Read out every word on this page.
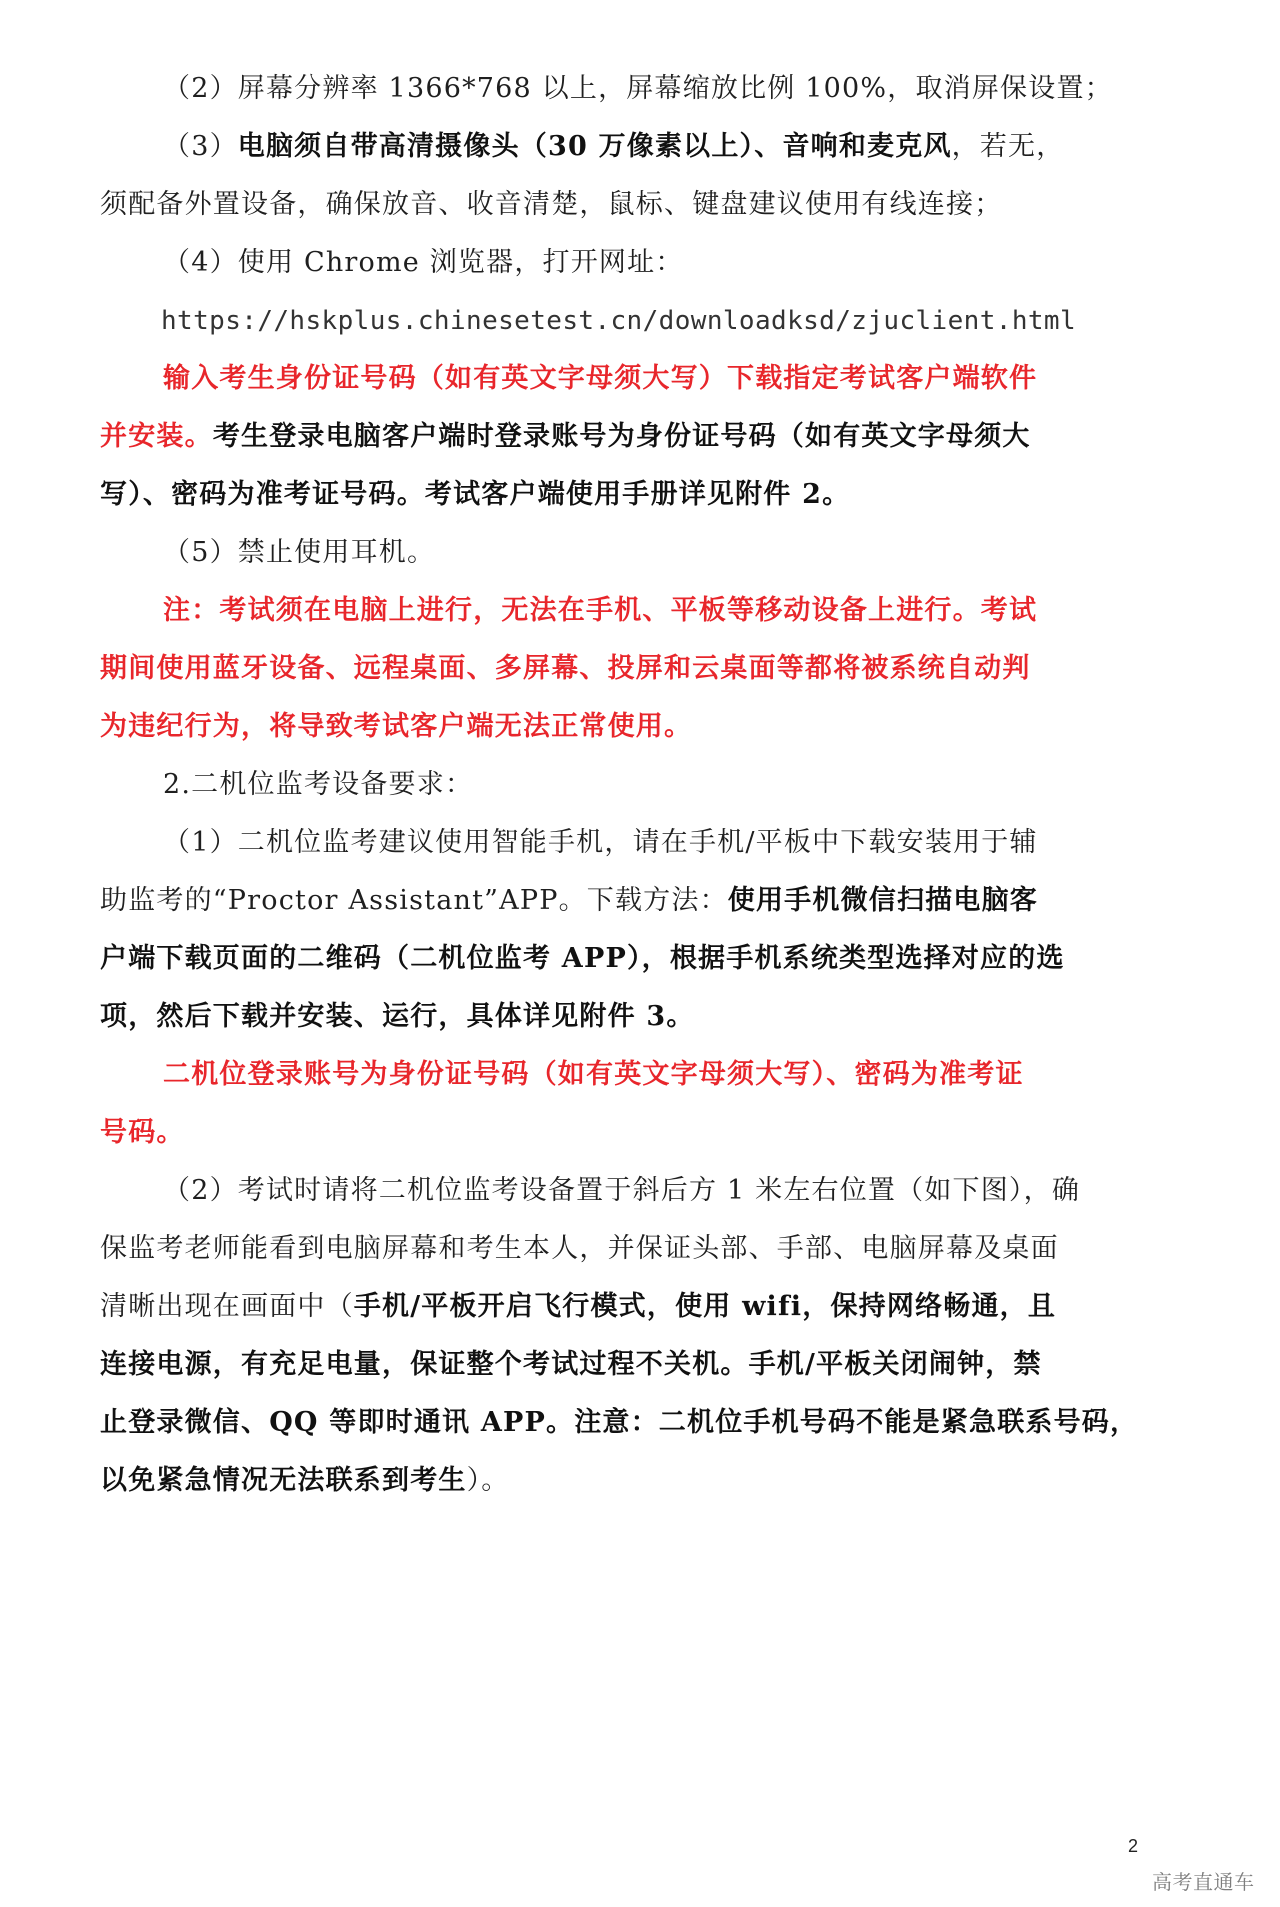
（2）屏幕分辨率 1366*768 以上，屏幕缩放比例 100%，取消屏保设置；
（3）电脑须自带高清摄像头（30 万像素以上）、音响和麦克风，若无，
须配备外置设备，确保放音、收音清楚，鼠标、键盘建议使用有线连接；
（4）使用 Chrome 浏览器，打开网址：
https://hskplus.chinesetest.cn/downloadksd/zjuclient.html
输入考生身份证号码（如有英文字母须大写）下载指定考试客户端软件
并安装。考生登录电脑客户端时登录账号为身份证号码（如有英文字母须大
写）、密码为准考证号码。考试客户端使用手册详见附件 2。
（5）禁止使用耳机。
注：考试须在电脑上进行，无法在手机、平板等移动设备上进行。考试
期间使用蓝牙设备、远程桌面、多屏幕、投屏和云桌面等都将被系统自动判
为违纪行为，将导致考试客户端无法正常使用。
2.二机位监考设备要求：
（1）二机位监考建议使用智能手机，请在手机/平板中下载安装用于辅
助监考的“Proctor Assistant”APP。下载方法：使用手机微信扫描电脑客
户端下载页面的二维码（二机位监考 APP），根据手机系统类型选择对应的选
项，然后下载并安装、运行，具体详见附件 3。
二机位登录账号为身份证号码（如有英文字母须大写）、密码为准考证
号码。
（2）考试时请将二机位监考设备置于斜后方 1 米左右位置（如下图），确
保监考老师能看到电脑屏幕和考生本人，并保证头部、手部、电脑屏幕及桌面
清晰出现在画面中（手机/平板开启飞行模式，使用 wifi，保持网络畅通，且
连接电源，有充足电量，保证整个考试过程不关机。手机/平板关闭闹钟，禁
止登录微信、QQ 等即时通讯 APP。注意：二机位手机号码不能是紧急联系号码，
以免紧急情况无法联系到考生）。
2
高考直通车
